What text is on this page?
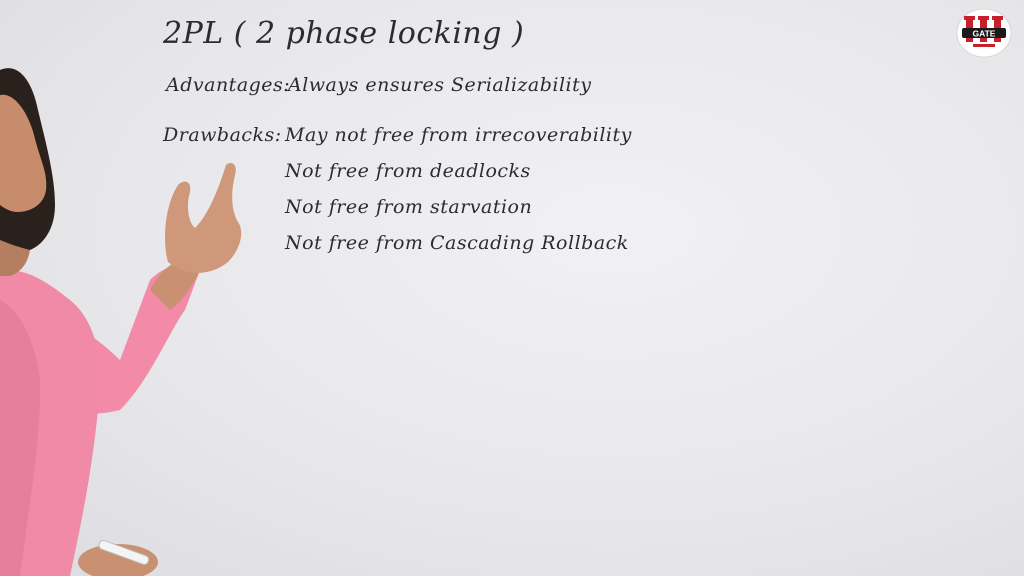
2PL ( 2 phase locking )

Advantages:

Always ensures Serializability

Drawbacks: May not free from irrecoverability

Not free from deadlocks

Not free from starvation

Not free from Cascading Rollback

GATE
